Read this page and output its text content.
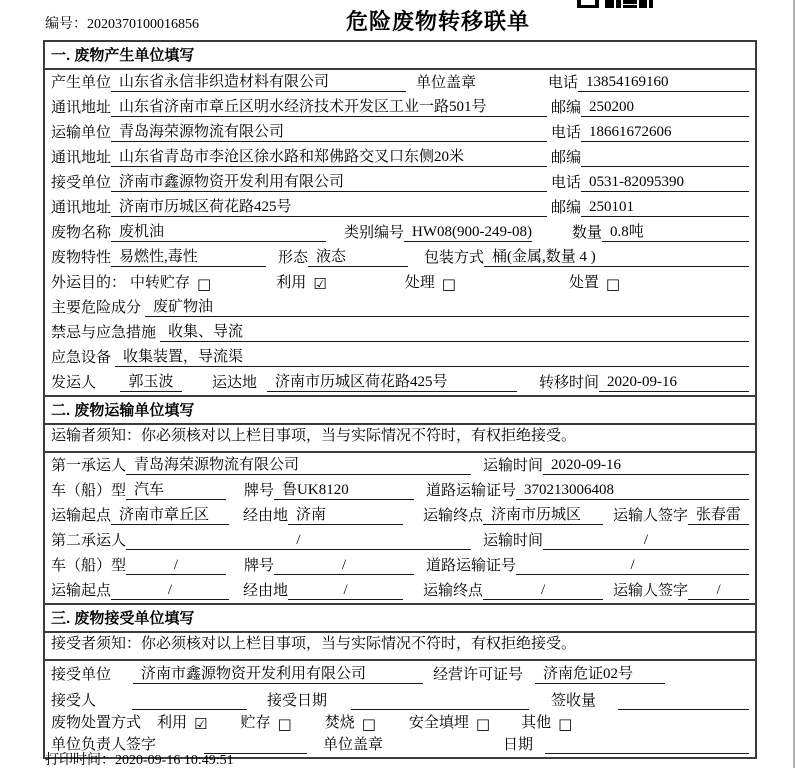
编号：2020370100016856	危险废物转移联单
一. 废物产生单位填写
产生单位 山东省永信非织造材料有限公司	单位盖章	电话 13854169160
通讯地址 山东省济南市章丘区明水经济技术开发区工业一路501号	邮编 250200
运输单位 青岛海荣源物流有限公司	电话 18661672606
通讯地址 山东省青岛市李沧区徐水路和郑佛路交叉口东侧20米	邮编
接受单位 济南市鑫源物资开发利用有限公司	电话 0531-82095390
通讯地址 济南市历城区荷花路425号	邮编 250101
废物名称 废机油	类别编号 HW08(900-249-08)	数量 0.8吨
废物特性 易燃性,毒性	形态 液态	包装方式 桶(金属,数量 4 )
外运目的： 中转贮存 □	利用 ☑	处理 □	处置 □
主要危险成分 废矿物油
禁忌与应急措施 收集、导流
应急设备 收集装置，导流渠
发运人	郭玉波	运达地	济南市历城区荷花路425号	转移时间 2020-09-16
二. 废物运输单位填写
运输者须知： 你必须核对以上栏目事项，当与实际情况不符时，有权拒绝接受。
第一承运人 青岛海荣源物流有限公司	运输时间 2020-09-16
车（船）型 汽车	牌号 鲁UK8120	道路运输证号 370213006408
运输起点 济南市章丘区	经由地 济南	运输终点 济南市历城区	运输人签字 张春雷
第二承运人	/	运输时间	/
车（船）型	/	牌号	/	道路运输证号	/
运输起点	/	经由地	/	运输终点	/	运输人签字	/
三. 废物接受单位填写
接受者须知： 你必须核对以上栏目事项，当与实际情况不符时，有权拒绝接受。
接受单位	济南市鑫源物资开发利用有限公司	经营许可证号	济南危证02号
接受人	接受日期	签收量
废物处置方式 利用 ☑ 贮存 □ 焚烧 □ 安全填埋 □ 其他 □
单位负责人签字	单位盖章	日期
打印时间：2020-09-16 10:49:51
